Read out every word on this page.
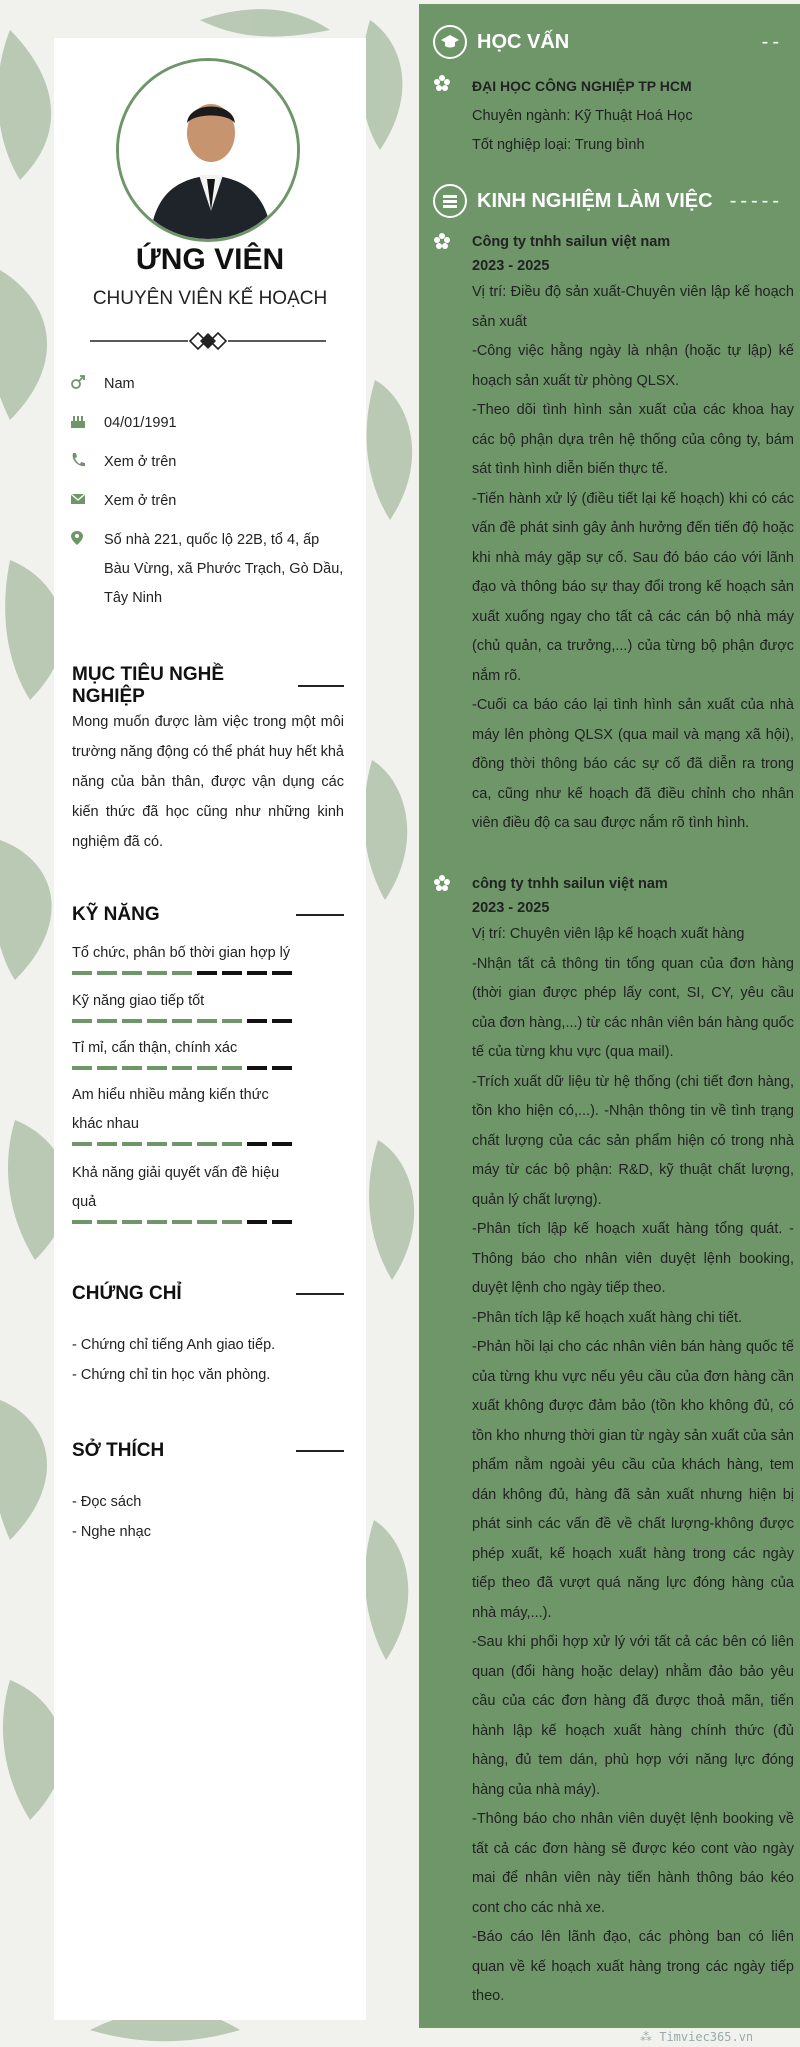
ỨNG VIÊN
CHUYÊN VIÊN KẾ HOẠCH
Nam
04/01/1991
Xem ở trên
Xem ở trên
Số nhà 221, quốc lộ 22B, tổ 4, ấp Bàu Vừng, xã Phước Trạch, Gò Dầu, Tây Ninh
MỤC TIÊU NGHỀ NGHIỆP
Mong muốn được làm việc trong một môi trường năng động có thể phát huy hết khả năng của bản thân, được vận dụng các kiến thức đã học cũng như những kinh nghiệm đã có.
KỸ NĂNG
Tổ chức, phân bố thời gian hợp lý
Kỹ năng giao tiếp tốt
Tỉ mỉ, cẩn thận, chính xác
Am hiểu nhiều mảng kiến thức khác nhau
Khả năng giải quyết vấn đề hiệu quả
CHỨNG CHỈ
- Chứng chỉ tiếng Anh giao tiếp.
- Chứng chỉ tin học văn phòng.
SỞ THÍCH
- Đọc sách
- Nghe nhạc
HỌC VẤN	--

ĐẠI HỌC CÔNG NGHIỆP TP HCM

Chuyên ngành: Kỹ Thuật Hoá Học

Tốt nghiệp loại: Trung bình

KINH NGHIỆM LÀM VIỆC -----

Công ty tnhh sailun việt nam

2023 - 2025

Vị trí: Điều độ sản xuất-Chuyên viên lập kế hoạch sản xuất

-Công việc hằng ngày là nhận (hoặc tự lập) kế hoạch sản xuất từ phòng QLSX.

-Theo dõi tình hình sản xuất của các khoa hay các bộ phận dựa trên hệ thống của công ty, bám sát tình hình diễn biến thực tế.

-Tiến hành xử lý (điều tiết lại kế hoạch) khi có các vấn đề phát sinh gây ảnh hưởng đến tiến độ hoặc khi nhà máy gặp sự cố. Sau đó báo cáo với lãnh đạo và thông báo sự thay đổi trong kế hoạch sản xuất xuống ngay cho tất cả các cán bộ nhà máy (chủ quản, ca trưởng,...) của từng bộ phận được nắm rõ.

-Cuối ca báo cáo lại tình hình sản xuất của nhà máy lên phòng QLSX (qua mail và mạng xã hội), đồng thời thông báo các sự cố đã diễn ra trong ca, cũng như kế hoạch đã điều chỉnh cho nhân viên điều độ ca sau được nắm rõ tình hình.

công ty tnhh sailun việt nam

2023 - 2025

Vị trí: Chuyên viên lập kế hoạch xuất hàng

-Nhận tất cả thông tin tổng quan của đơn hàng (thời gian được phép lấy cont, SI, CY, yêu cầu của đơn hàng,...) từ các nhân viên bán hàng quốc tế của từng khu vực (qua mail).

-Trích xuất dữ liệu từ hệ thống (chi tiết đơn hàng, tồn kho hiện có,...). -Nhận thông tin về tình trạng chất lượng của các sản phẩm hiện có trong nhà máy từ các bộ phận: R&D, kỹ thuật chất lượng, quản lý chất lượng).

-Phân tích lập kế hoạch xuất hàng tổng quát. -Thông báo cho nhân viên duyệt lệnh booking, duyệt lệnh cho ngày tiếp theo.

-Phân tích lập kế hoạch xuất hàng chi tiết.

-Phản hồi lại cho các nhân viên bán hàng quốc tế của từng khu vực nếu yêu cầu của đơn hàng cần xuất không được đảm bảo (tồn kho không đủ, có tồn kho nhưng thời gian từ ngày sản xuất của sản phẩm nằm ngoài yêu cầu của khách hàng, tem dán không đủ, hàng đã sản xuất nhưng hiện bị phát sinh các vấn đề về chất lượng-không được phép xuất, kế hoạch xuất hàng trong các ngày tiếp theo đã vượt quá năng lực đóng hàng của nhà máy,...).

-Sau khi phối hợp xử lý với tất cả các bên có liên quan (đổi hàng hoặc delay) nhằm đảo bảo yêu cầu của các đơn hàng đã được thoả mãn, tiến hành lập kế hoạch xuất hàng chính thức (đủ hàng, đủ tem dán, phù hợp với năng lực đóng hàng của nhà máy).

-Thông báo cho nhân viên duyệt lệnh booking về tất cả các đơn hàng sẽ được kéo cont vào ngày mai để nhân viên này tiến hành thông báo kéo cont cho các nhà xe.

-Báo cáo lên lãnh đạo, các phòng ban có liên quan về kế hoạch xuất hàng trong các ngày tiếp theo.

⁂ Timviec365.vn
